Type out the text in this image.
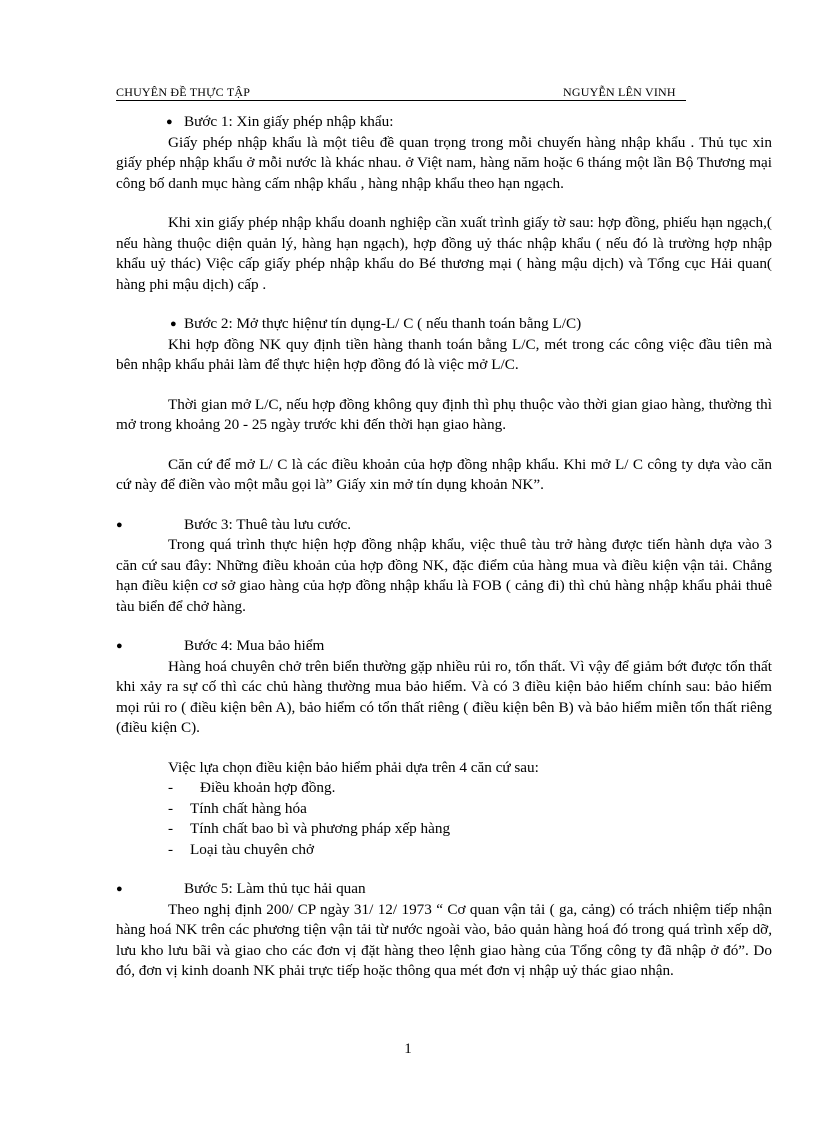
CHUYÊN ĐỀ THỰC TẬP	NGUYỄN LÊN VINH
● Bước 1: Xin giấy phép nhập khẩu:

Giấy phép nhập khẩu là một tiêu đề quan trọng trong mỗi chuyến hàng nhập khẩu . Thủ tục xin giấy phép nhập khẩu ở mỗi nước là khác nhau. ở Việt nam, hàng năm hoặc 6 tháng một lần Bộ Thương mại công bố danh mục hàng cấm nhập khẩu , hàng nhập khẩu theo hạn ngạch.

Khi xin giấy phép nhập khẩu doanh nghiệp cần xuất trình giấy tờ sau: hợp đồng, phiếu hạn ngạch,( nếu hàng thuộc diện quản lý, hàng hạn ngạch), hợp đồng uỷ thác nhập khẩu ( nếu đó là trường hợp nhập khẩu uỷ thác) Việc cấp giấy phép nhập khẩu do Bé thương mại ( hàng mậu dịch) và Tổng cục Hải quan( hàng phi mậu dịch) cấp .

● Bước 2: Mở thực hiệnư tín dụng-L/ C ( nếu thanh toán bằng L/C)

Khi hợp đồng NK quy định tiền hàng thanh toán bằng L/C, mét trong các công việc đầu tiên mà bên nhập khẩu phải làm để thực hiện hợp đồng đó là việc mở L/C.

Thời gian mở L/C, nếu hợp đồng không quy định thì phụ thuộc vào thời gian giao hàng, thường thì mở trong khoảng 20 - 25 ngày trước khi đến thời hạn giao hàng.

Căn cứ để mở L/ C là các điều khoản của hợp đồng nhập khẩu. Khi mở L/ C công ty dựa vào căn cứ này để điền vào một mẫu gọi là” Giấy xin mở tín dụng khoản NK”.

●	Bước 3: Thuê tàu lưu cước.

Trong quá trình thực hiện hợp đồng nhập khẩu, việc thuê tàu trở hàng được tiến hành dựa vào 3 căn cứ sau đây: Những điều khoản của hợp đồng NK, đặc điểm của hàng mua và điều kiện vận tải. Chẳng hạn điều kiện cơ sở giao hàng của hợp đồng nhập khẩu là FOB ( cảng đi) thì chủ hàng nhập khẩu phải thuê tàu biển để chở hàng.

●	Bước 4: Mua bảo hiểm

Hàng hoá chuyên chở trên biển thường gặp nhiều rủi ro, tổn thất. Vì vậy để giảm bớt được tổn thất khi xảy ra sự cố thì các chủ hàng thường mua bảo hiểm. Và có 3 điều kiện bảo hiểm chính sau: bảo hiểm mọi rủi ro ( điều kiện bên A), bảo hiểm có tổn thất riêng ( điều kiện bên B) và bảo hiểm miễn tổn thất riêng (điều kiện C).

Việc lựa chọn điều kiện bảo hiểm phải dựa trên 4 căn cứ sau:

- Điều khoản hợp đồng.
- Tính chất hàng hóa
- Tính chất bao bì và phương pháp xếp hàng
- Loại tàu chuyên chở
●	Bước 5: Làm thủ tục hải quan

Theo nghị định 200/ CP ngày 31/ 12/ 1973 “ Cơ quan vận tải ( ga, cảng) có trách nhiệm tiếp nhận hàng hoá NK trên các phương tiện vận tải từ nước ngoài vào, bảo quản hàng hoá đó trong quá trình xếp dỡ, lưu kho lưu bãi và giao cho các đơn vị đặt hàng theo lệnh giao hàng của Tổng công ty đã nhập ở đó”. Do đó, đơn vị kinh doanh NK phải trực tiếp hoặc thông qua mét đơn vị nhập uỷ thác giao nhận.

1
